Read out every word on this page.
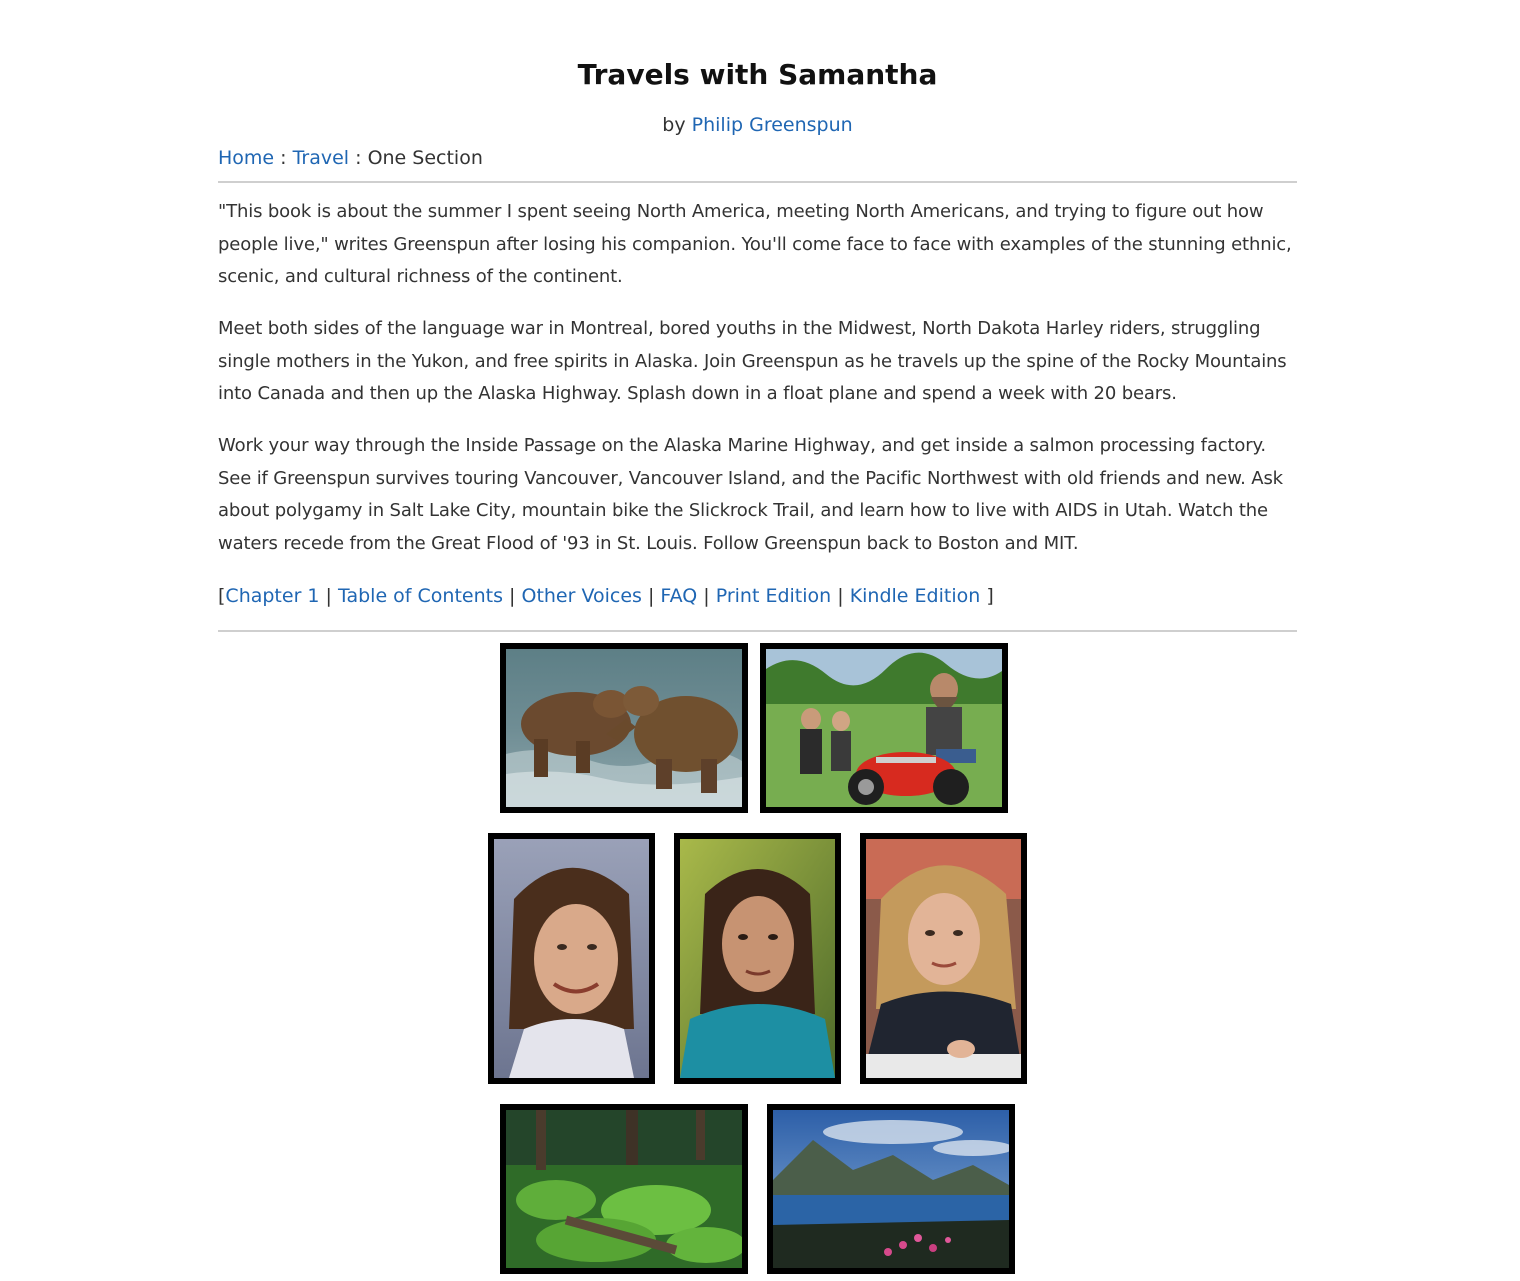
Travels with Samantha
by Philip Greenspun
Home : Travel : One Section

"This book is about the summer I spent seeing North America, meeting North Americans, and trying to figure out how people live," writes Greenspun after losing his companion. You'll come face to face with examples of the stunning ethnic, scenic, and cultural richness of the continent.

Meet both sides of the language war in Montreal, bored youths in the Midwest, North Dakota Harley riders, struggling single mothers in the Yukon, and free spirits in Alaska. Join Greenspun as he travels up the spine of the Rocky Mountains into Canada and then up the Alaska Highway. Splash down in a float plane and spend a week with 20 bears.

Work your way through the Inside Passage on the Alaska Marine Highway, and get inside a salmon processing factory. See if Greenspun survives touring Vancouver, Vancouver Island, and the Pacific Northwest with old friends and new. Ask about polygamy in Salt Lake City, mountain bike the Slickrock Trail, and learn how to live with AIDS in Utah. Watch the waters recede from the Great Flood of '93 in St. Louis. Follow Greenspun back to Boston and MIT.

[Chapter 1 | Table of Contents | Other Voices | FAQ | Print Edition | Kindle Edition ]
